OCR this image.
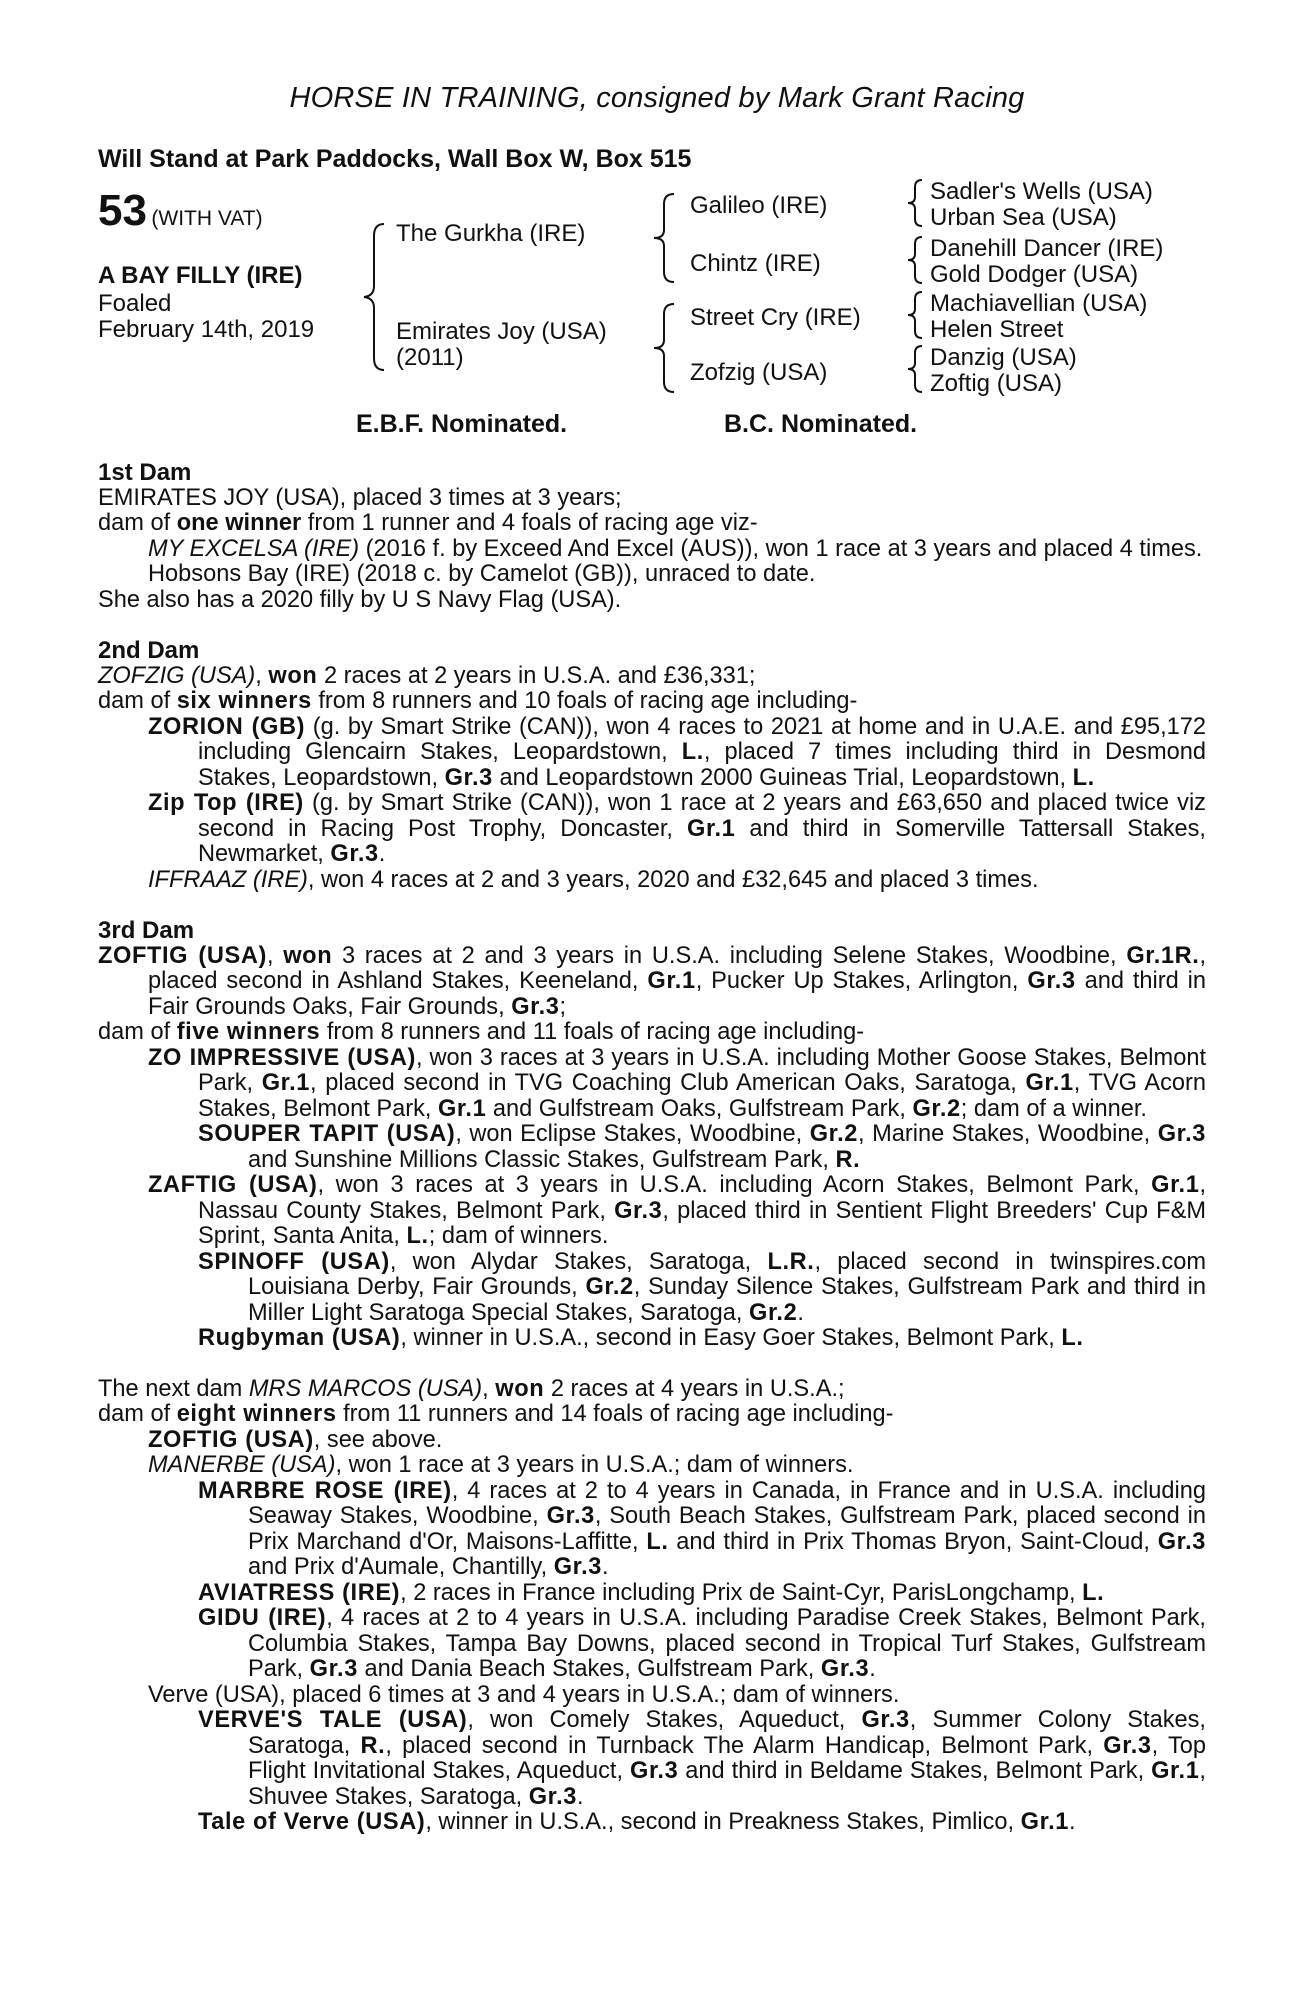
HORSE IN TRAINING, consigned by Mark Grant Racing
Will Stand at Park Paddocks, Wall Box W, Box 515
53 (WITH VAT)
A BAY FILLY (IRE)
Foaled
February 14th, 2019
The Gurkha (IRE)
Emirates Joy (USA)
(2011)
Galileo (IRE)
Chintz (IRE)
Street Cry (IRE)
Zofzig (USA)
Sadler's Wells (USA)
Urban Sea (USA)
Danehill Dancer (IRE)
Gold Dodger (USA)
Machiavellian (USA)
Helen Street
Danzig (USA)
Zoftig (USA)
E.B.F. Nominated.	B.C. Nominated.
1st Dam
EMIRATES JOY (USA), placed 3 times at 3 years;
dam of one winner from 1 runner and 4 foals of racing age viz-
MY EXCELSA (IRE) (2016 f. by Exceed And Excel (AUS)), won 1 race at 3 years and placed 4 times.
Hobsons Bay (IRE) (2018 c. by Camelot (GB)), unraced to date.
She also has a 2020 filly by U S Navy Flag (USA).
2nd Dam
ZOFZIG (USA), won 2 races at 2 years in U.S.A. and £36,331;
dam of six winners from 8 runners and 10 foals of racing age including-
ZORION (GB) (g. by Smart Strike (CAN)), won 4 races to 2021 at home and in U.A.E. and £95,172 including Glencairn Stakes, Leopardstown, L., placed 7 times including third in Desmond Stakes, Leopardstown, Gr.3 and Leopardstown 2000 Guineas Trial, Leopardstown, L.
Zip Top (IRE) (g. by Smart Strike (CAN)), won 1 race at 2 years and £63,650 and placed twice viz second in Racing Post Trophy, Doncaster, Gr.1 and third in Somerville Tattersall Stakes, Newmarket, Gr.3.
IFFRAAZ (IRE), won 4 races at 2 and 3 years, 2020 and £32,645 and placed 3 times.
3rd Dam
ZOFTIG (USA), won 3 races at 2 and 3 years in U.S.A. including Selene Stakes, Woodbine, Gr.1R., placed second in Ashland Stakes, Keeneland, Gr.1, Pucker Up Stakes, Arlington, Gr.3 and third in Fair Grounds Oaks, Fair Grounds, Gr.3;
dam of five winners from 8 runners and 11 foals of racing age including-
ZO IMPRESSIVE (USA), won 3 races at 3 years in U.S.A. including Mother Goose Stakes, Belmont Park, Gr.1, placed second in TVG Coaching Club American Oaks, Saratoga, Gr.1, TVG Acorn Stakes, Belmont Park, Gr.1 and Gulfstream Oaks, Gulfstream Park, Gr.2; dam of a winner.
SOUPER TAPIT (USA), won Eclipse Stakes, Woodbine, Gr.2, Marine Stakes, Woodbine, Gr.3 and Sunshine Millions Classic Stakes, Gulfstream Park, R.
ZAFTIG (USA), won 3 races at 3 years in U.S.A. including Acorn Stakes, Belmont Park, Gr.1, Nassau County Stakes, Belmont Park, Gr.3, placed third in Sentient Flight Breeders' Cup F&M Sprint, Santa Anita, L.; dam of winners.
SPINOFF (USA), won Alydar Stakes, Saratoga, L.R., placed second in twinspires.com Louisiana Derby, Fair Grounds, Gr.2, Sunday Silence Stakes, Gulfstream Park and third in Miller Light Saratoga Special Stakes, Saratoga, Gr.2.
Rugbyman (USA), winner in U.S.A., second in Easy Goer Stakes, Belmont Park, L.
The next dam MRS MARCOS (USA), won 2 races at 4 years in U.S.A.;
dam of eight winners from 11 runners and 14 foals of racing age including-
ZOFTIG (USA), see above.
MANERBE (USA), won 1 race at 3 years in U.S.A.; dam of winners.
MARBRE ROSE (IRE), 4 races at 2 to 4 years in Canada, in France and in U.S.A. including Seaway Stakes, Woodbine, Gr.3, South Beach Stakes, Gulfstream Park, placed second in Prix Marchand d'Or, Maisons-Laffitte, L. and third in Prix Thomas Bryon, Saint-Cloud, Gr.3 and Prix d'Aumale, Chantilly, Gr.3.
AVIATRESS (IRE), 2 races in France including Prix de Saint-Cyr, ParisLongchamp, L.
GIDU (IRE), 4 races at 2 to 4 years in U.S.A. including Paradise Creek Stakes, Belmont Park, Columbia Stakes, Tampa Bay Downs, placed second in Tropical Turf Stakes, Gulfstream Park, Gr.3 and Dania Beach Stakes, Gulfstream Park, Gr.3.
Verve (USA), placed 6 times at 3 and 4 years in U.S.A.; dam of winners.
VERVE'S TALE (USA), won Comely Stakes, Aqueduct, Gr.3, Summer Colony Stakes, Saratoga, R., placed second in Turnback The Alarm Handicap, Belmont Park, Gr.3, Top Flight Invitational Stakes, Aqueduct, Gr.3 and third in Beldame Stakes, Belmont Park, Gr.1, Shuvee Stakes, Saratoga, Gr.3.
Tale of Verve (USA), winner in U.S.A., second in Preakness Stakes, Pimlico, Gr.1.
